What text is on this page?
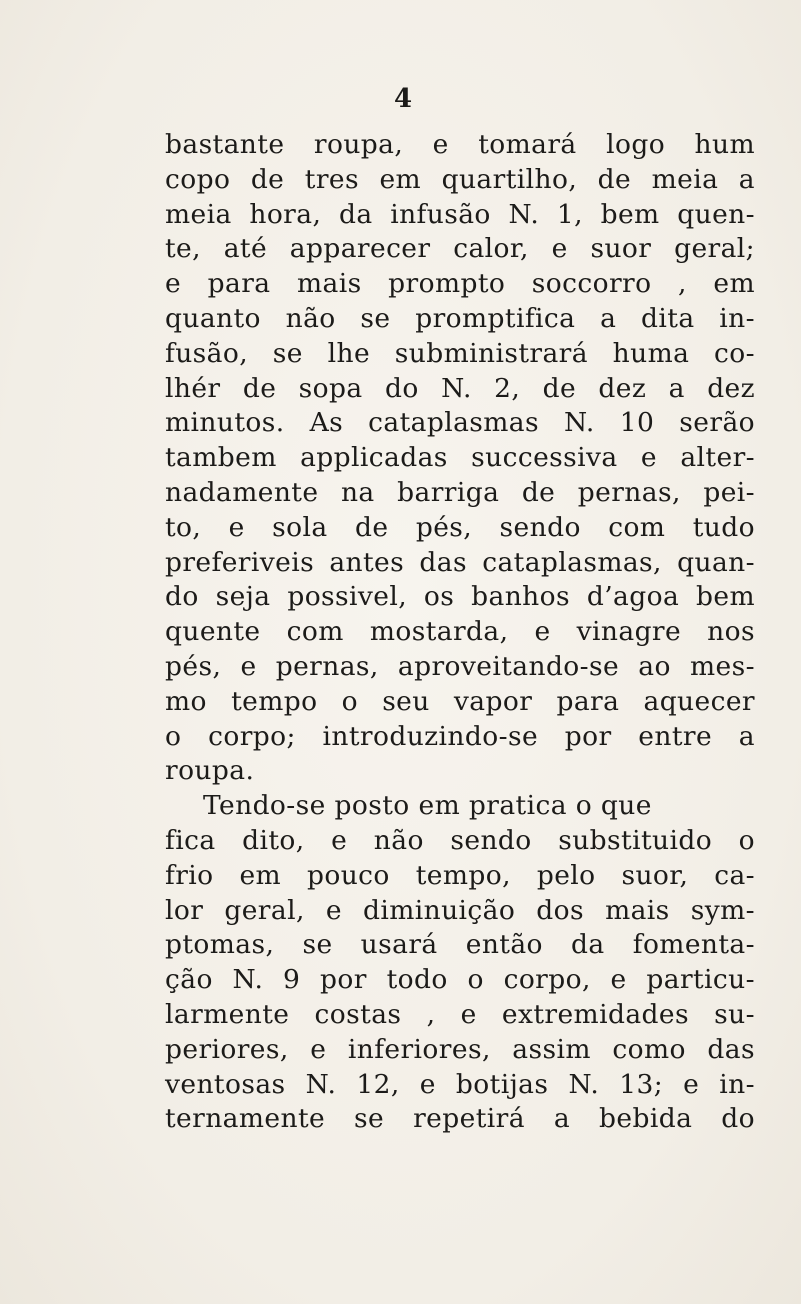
4
bastante roupa, e tomará logo hum
copo de tres em quartilho, de meia a
meia hora, da infusão N. 1, bem quen-
te, até apparecer calor, e suor geral;
e para mais prompto soccorro , em
quanto não se promptifica a dita in-
fusão, se lhe subministrará huma co-
lhér de sopa do N. 2, de dez a dez
minutos. As cataplasmas N. 10 serão
tambem applicadas successiva e alter-
nadamente na barriga de pernas, pei-
to, e sola de pés, sendo com tudo
preferiveis antes das cataplasmas, quan-
do seja possivel, os banhos d’agoa bem
quente com mostarda, e vinagre nos
pés, e pernas, aproveitando-se ao mes-
mo tempo o seu vapor para aquecer
o corpo; introduzindo-se por entre a
roupa.
Tendo-se posto em pratica o que
fica dito, e não sendo substituido o
frio em pouco tempo, pelo suor, ca-
lor geral, e diminuição dos mais sym-
ptomas, se usará então da fomenta-
ção N. 9 por todo o corpo, e particu-
larmente costas , e extremidades su-
periores, e inferiores, assim como das
ventosas N. 12, e botijas N. 13; e in-
ternamente se repetirá a bebida do
